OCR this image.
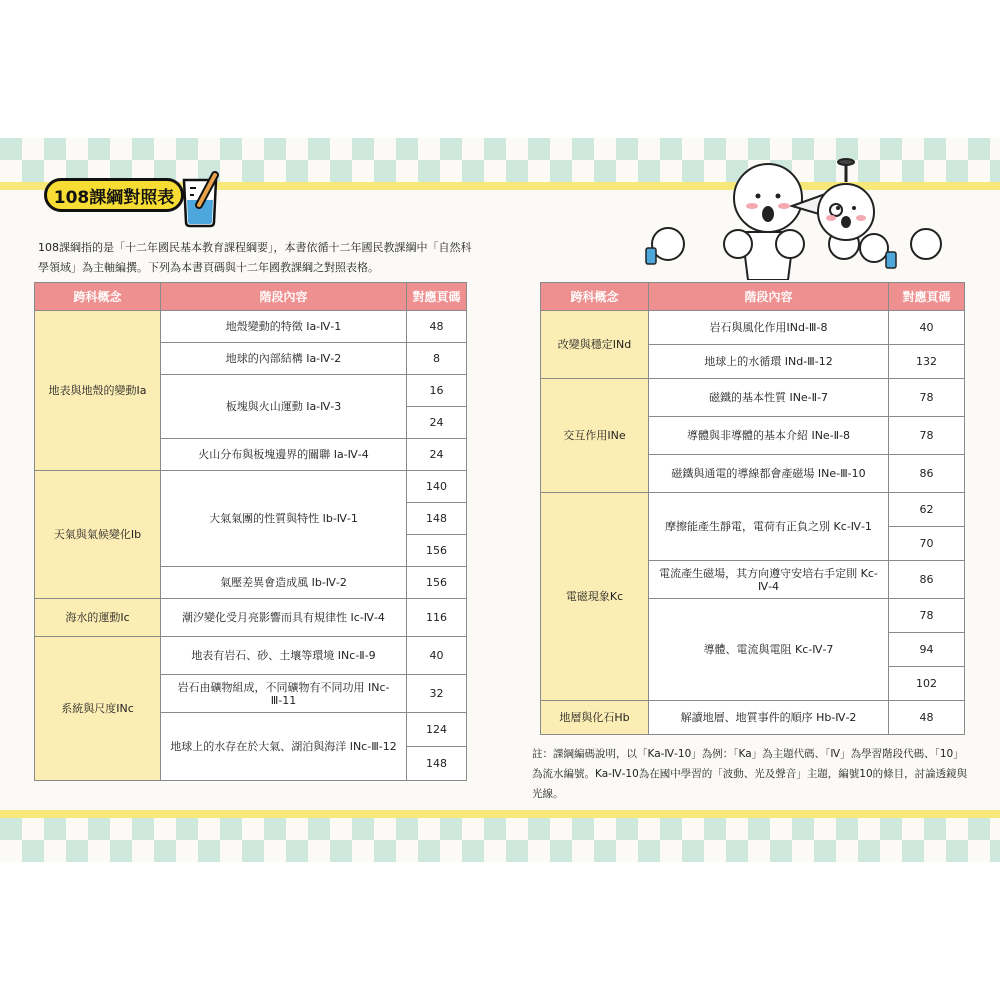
108課綱對照表

108課綱指的是「十二年國民基本教育課程綱要」，本書依循十二年國民教課綱中「自然科學領域」為主軸編撰。下列為本書頁碼與十二年國教課綱之對照表格。

跨科概念	階段內容	對應頁碼
地表與地殼的變動Ia	地殼變動的特徵 Ia-Ⅳ-1	48
	地球的內部結構 Ia-Ⅳ-2	8
	板塊與火山運動 Ia-Ⅳ-3	16
		24
	火山分布與板塊邊界的關聯 Ia-Ⅳ-4	24
天氣與氣候變化Ib	大氣氣團的性質與特性 Ib-Ⅳ-1	140
		148
		156
	氣壓差異會造成風 Ib-Ⅳ-2	156
海水的運動Ic	潮汐變化受月亮影響而具有規律性 Ic-Ⅳ-4	116
系統與尺度INc	地表有岩石、砂、土壤等環境 INc-Ⅱ-9	40
	岩石由礦物組成，不同礦物有不同功用 INc-Ⅲ-11	32
	地球上的水存在於大氣、湖泊與海洋 INc-Ⅲ-12	124
		148
跨科概念	階段內容	對應頁碼
改變與穩定INd	岩石與風化作用INd-Ⅲ-8	40
	地球上的水循環 INd-Ⅲ-12	132
交互作用INe	磁鐵的基本性質 INe-Ⅱ-7	78
	導體與非導體的基本介紹 INe-Ⅱ-8	78
	磁鐵與通電的導線都會產磁場 INe-Ⅲ-10	86
電磁現象Kc	摩擦能產生靜電，電荷有正負之別 Kc-Ⅳ-1	62
		70
	電流產生磁場，其方向遵守安培右手定則 Kc-Ⅳ-4	86
	導體、電流與電阻 Kc-Ⅳ-7	78
		94
		102
地層與化石Hb	解讀地層、地質事件的順序 Hb-Ⅳ-2	48

註：課綱編碼說明，以「Ka-Ⅳ-10」為例：「Ka」為主題代碼、「Ⅳ」為學習階段代碼、「10」為流水編號。Ka-Ⅳ-10為在國中學習的「波動、光及聲音」主題，編號10的條目，討論透鏡與光線。
